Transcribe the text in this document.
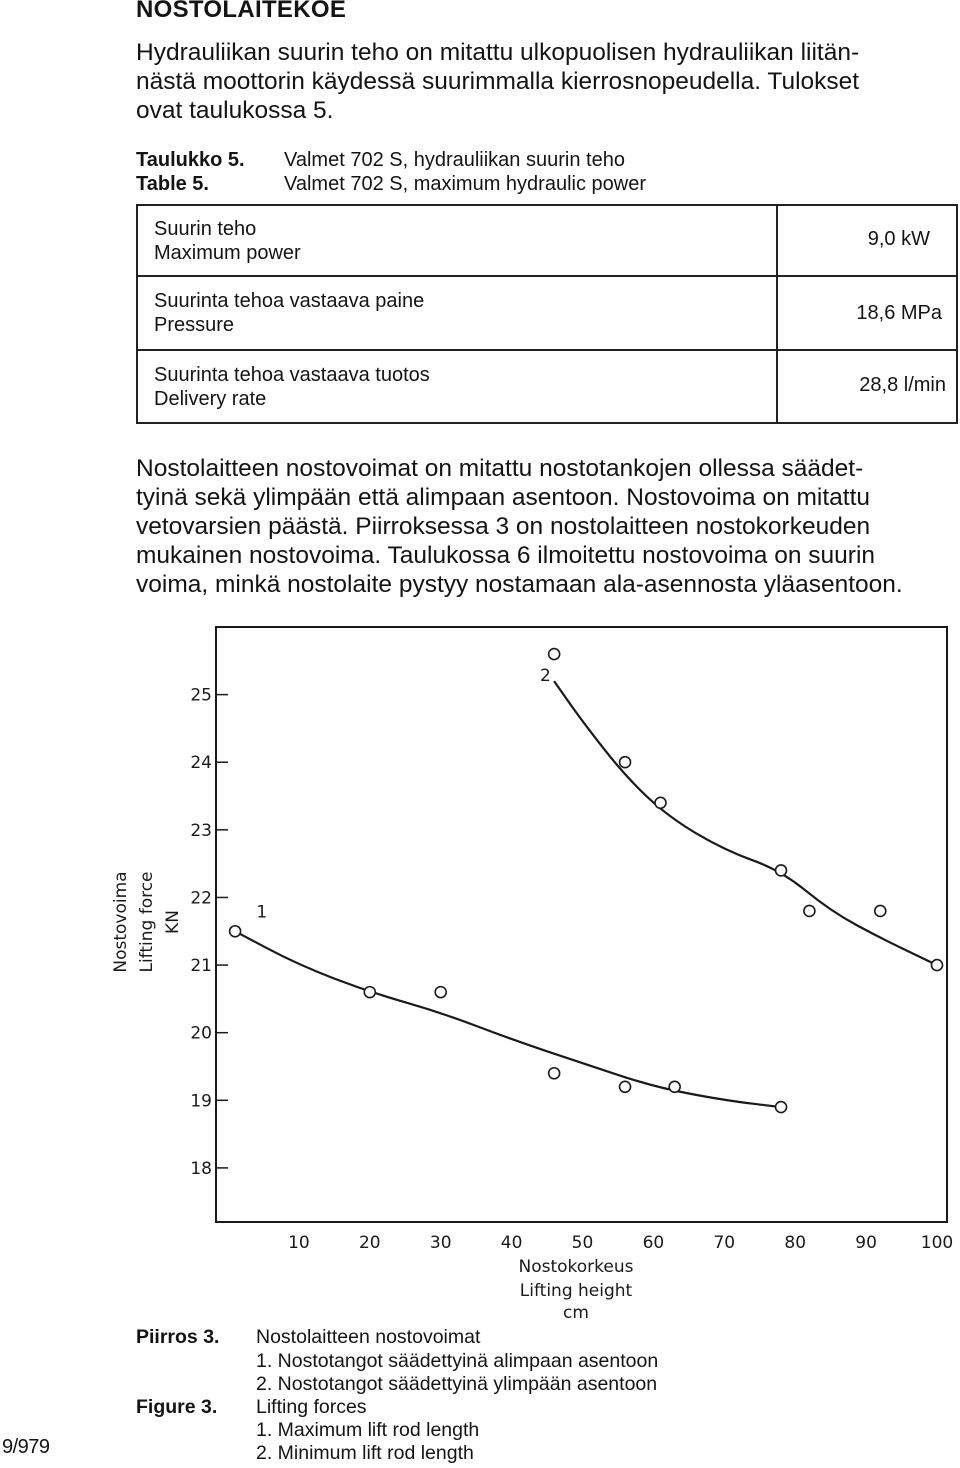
NOSTOLAITEKOE
Hydrauliikan suurin teho on mitattu ulkopuolisen hydrauliikan liitän-
nästä moottorin käydessä suurimmalla kierrosnopeudella. Tulokset
ovat taulukossa 5.
Taulukko 5. Valmet 702 S, hydrauliikan suurin teho
Table 5.	Valmet 702 S, maximum hydraulic power
Suurin teho
Maximum power
9,0 kW
Suurinta tehoa vastaava paine
Pressure
18,6 MPa
Suurinta tehoa vastaava tuotos
Delivery rate
28,8 l/min
Nostolaitteen nostovoimat on mitattu nostotankojen ollessa säädet-
tyinä sekä ylimpään että alimpaan asentoon. Nostovoima on mitattu
vetovarsien päästä. Piirroksessa 3 on nostolaitteen nostokorkeuden
mukainen nostovoima. Taulukossa 6 ilmoitettu nostovoima on suurin
voima, minkä nostolaite pystyy nostamaan ala-asennosta yläasentoon.
18
19
20
21
22
23
24
25
10	20	30	40	50	60	70	80	90	100
1
2
Nostovoima Lifting force KN
Nostokorkeus
Lifting height
cm
Piirros 3. Nostolaitteen nostovoimat
1. Nostotangot säädettyinä alimpaan asentoon
2. Nostotangot säädettyinä ylimpään asentoon
Figure 3. Lifting forces
1. Maximum lift rod length
2. Minimum lift rod length
9/979
